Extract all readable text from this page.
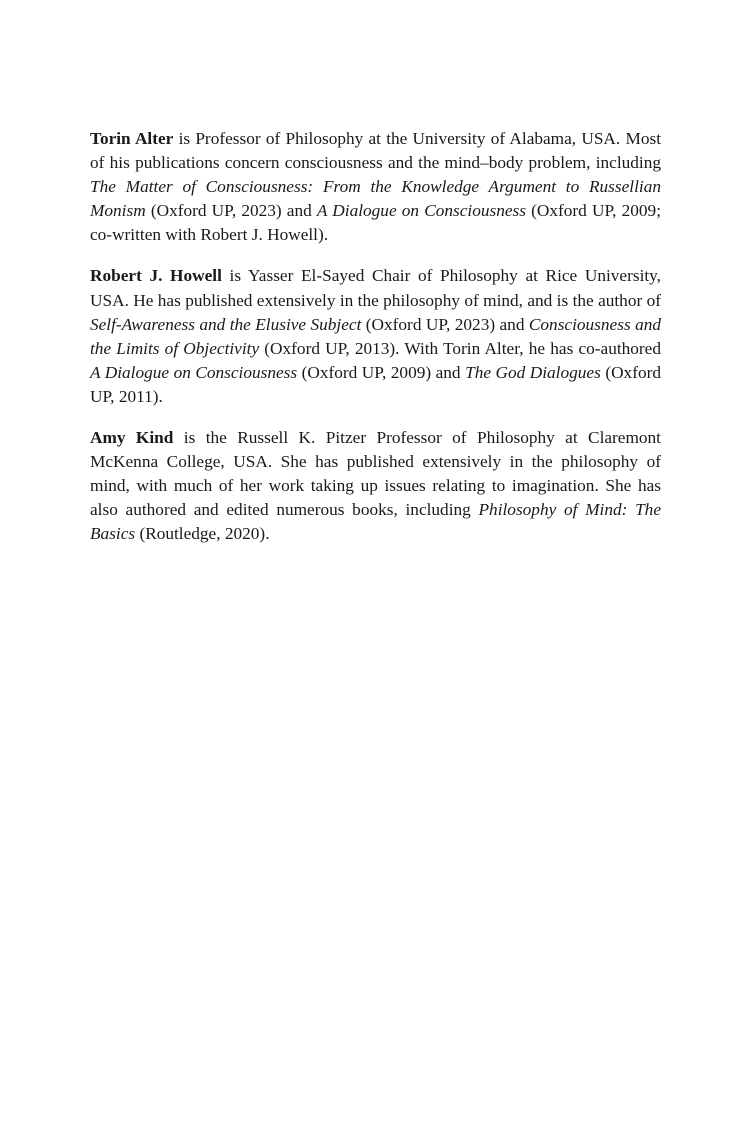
Torin Alter is Professor of Philosophy at the University of Alabama, USA. Most of his publications concern consciousness and the mind–body problem, including The Matter of Consciousness: From the Knowledge Argument to Russellian Monism (Oxford UP, 2023) and A Dialogue on Consciousness (Oxford UP, 2009; co-written with Robert J. Howell).

Robert J. Howell is Yasser El-Sayed Chair of Philosophy at Rice University, USA. He has published extensively in the philosophy of mind, and is the author of Self-Awareness and the Elusive Subject (Oxford UP, 2023) and Consciousness and the Limits of Objectivity (Oxford UP, 2013). With Torin Alter, he has co-authored A Dialogue on Consciousness (Oxford UP, 2009) and The God Dialogues (Oxford UP, 2011).

Amy Kind is the Russell K. Pitzer Professor of Philosophy at Claremont McKenna College, USA. She has published extensively in the philosophy of mind, with much of her work taking up issues relating to imagination. She has also authored and edited numerous books, including Philosophy of Mind: The Basics (Routledge, 2020).
